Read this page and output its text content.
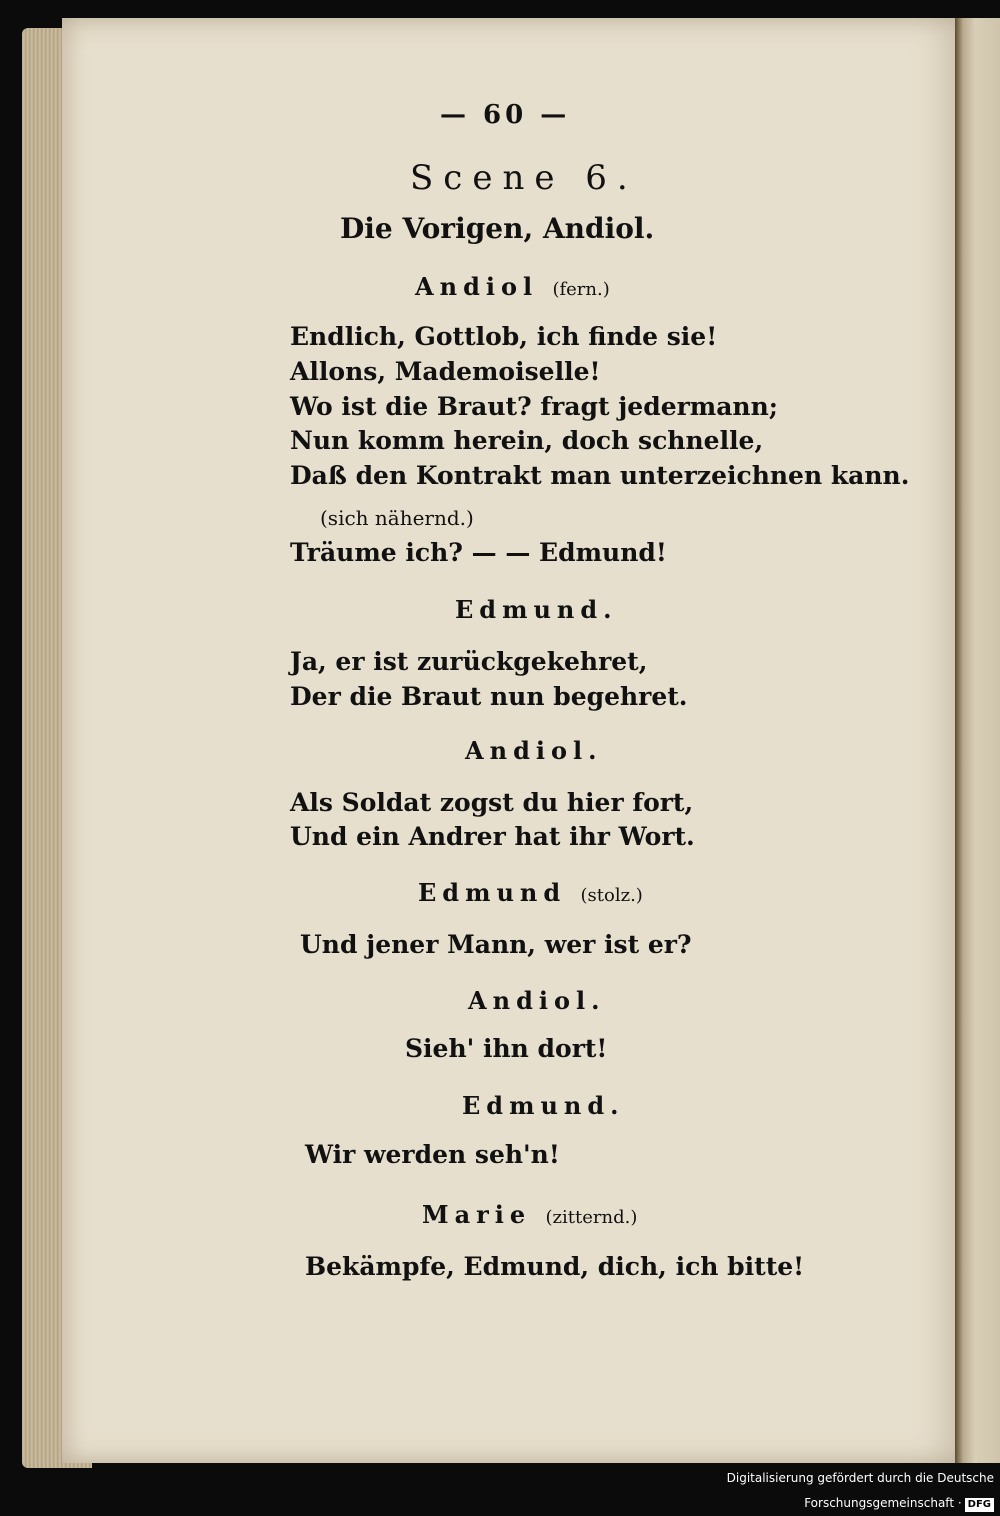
— 60 —
Scene 6.
Die Vorigen, Andiol.
Andiol (fern.)
Endlich, Gottlob, ich finde sie!
Allons, Mademoiselle!
Wo ist die Braut? fragt jedermann;
Nun komm herein, doch schnelle,
Daß den Kontrakt man unterzeichnen kann.
(sich nähernd.)
Träume ich? — — Edmund!
Edmund.
Ja, er ist zurückgekehret,
Der die Braut nun begehret.
Andiol.
Als Soldat zogst du hier fort,
Und ein Andrer hat ihr Wort.
Edmund (stolz.)
Und jener Mann, wer ist er?
Andiol.
Sieh' ihn dort!
Edmund.
Wir werden seh'n!
Marie (zitternd.)
Bekämpfe, Edmund, dich, ich bitte!
Digitalisierung gefördert durch die Deutsche Forschungsgemeinschaft · DFG
